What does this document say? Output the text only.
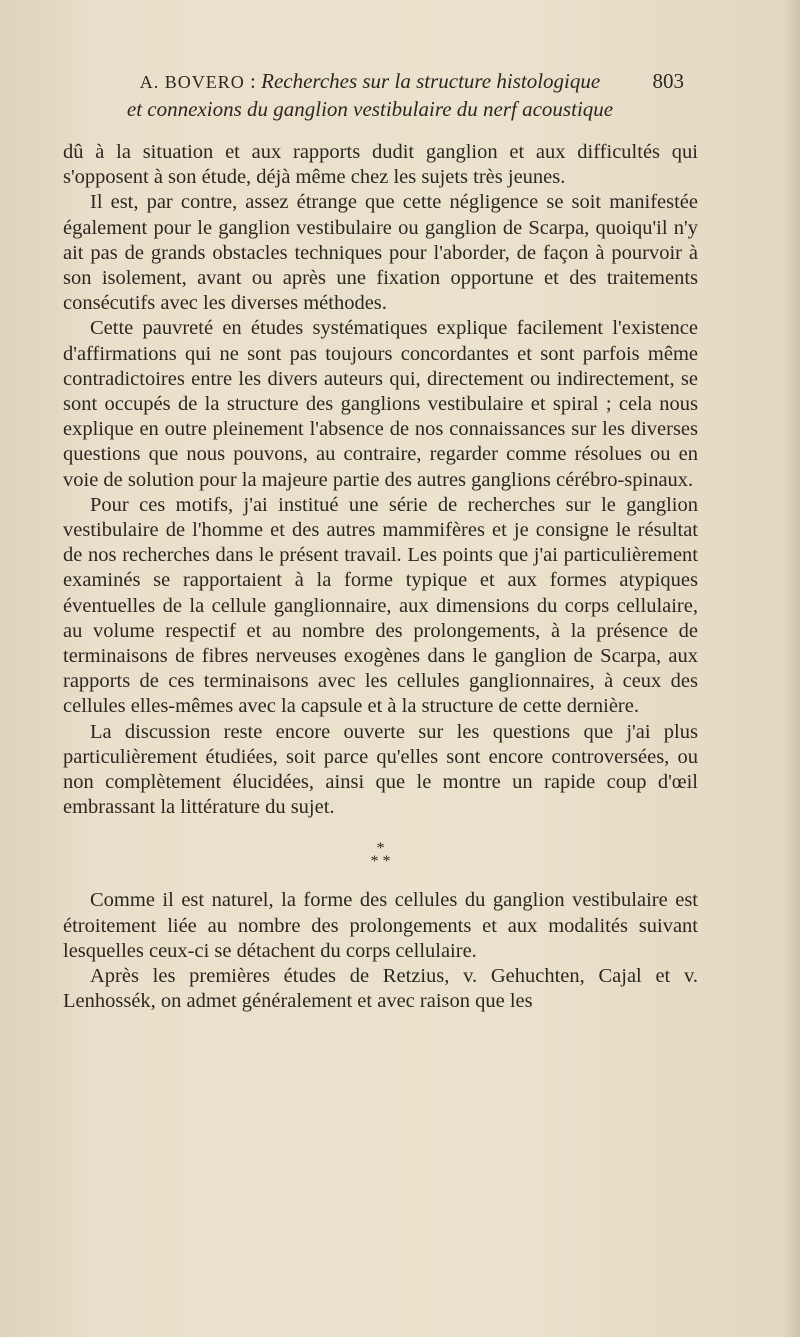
A. BOVERO : Recherches sur la structure histologique
et connexions du ganglion vestibulaire du nerf acoustique
803

dû à la situation et aux rapports dudit ganglion et aux difficultés qui s'opposent à son étude, déjà même chez les sujets très jeunes.

Il est, par contre, assez étrange que cette négligence se soit manifestée également pour le ganglion vestibulaire ou ganglion de Scarpa, quoiqu'il n'y ait pas de grands obstacles techniques pour l'aborder, de façon à pourvoir à son isolement, avant ou après une fixation opportune et des traitements consécutifs avec les diverses méthodes.

Cette pauvreté en études systématiques explique facilement l'existence d'affirmations qui ne sont pas toujours concordantes et sont parfois même contradictoires entre les divers auteurs qui, directement ou indirectement, se sont occupés de la structure des ganglions vestibulaire et spiral ; cela nous explique en outre pleinement l'absence de nos connaissances sur les diverses questions que nous pouvons, au contraire, regarder comme résolues ou en voie de solution pour la majeure partie des autres ganglions cérébro-spinaux.

Pour ces motifs, j'ai institué une série de recherches sur le ganglion vestibulaire de l'homme et des autres mammifères et je consigne le résultat de nos recherches dans le présent travail. Les points que j'ai particulièrement examinés se rapportaient à la forme typique et aux formes atypiques éventuelles de la cellule ganglionnaire, aux dimensions du corps cellulaire, au volume respectif et au nombre des prolongements, à la présence de terminaisons de fibres nerveuses exogènes dans le ganglion de Scarpa, aux rapports de ces terminaisons avec les cellules ganglionnaires, à ceux des cellules elles-mêmes avec la capsule et à la structure de cette dernière.

La discussion reste encore ouverte sur les questions que j'ai plus particulièrement étudiées, soit parce qu'elles sont encore controversées, ou non complètement élucidées, ainsi que le montre un rapide coup d'œil embrassant la littérature du sujet.

*
* *

Comme il est naturel, la forme des cellules du ganglion vestibulaire est étroitement liée au nombre des prolongements et aux modalités suivant lesquelles ceux-ci se détachent du corps cellulaire.

Après les premières études de Retzius, v. Gehuchten, Cajal et v. Lenhossék, on admet généralement et avec raison que les
